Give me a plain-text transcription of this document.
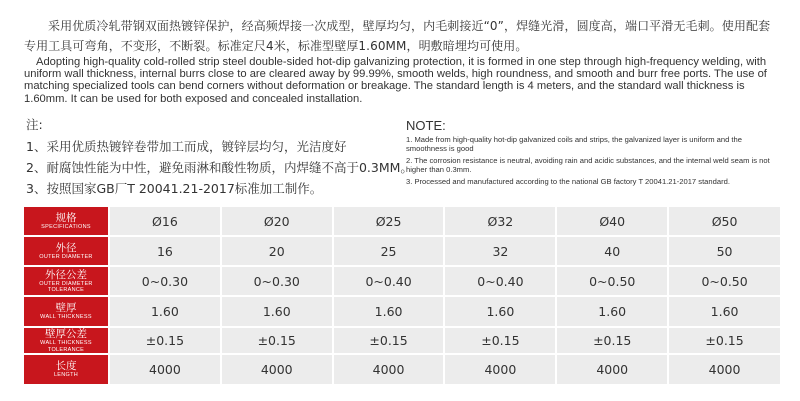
采用优质冷轧带钢双面热镀锌保护，经高频焊接一次成型，壁厚均匀，内毛刺接近“0”，焊缝光滑，圆度高，端口平滑无毛刺。使用配套专用工具可弯角，不变形，不断裂。标准定尺4米，标准型壁厚1.60MM，明敷暗埋均可使用。

Adopting high-quality cold-rolled strip steel double-sided hot-dip galvanizing protection, it is formed in one step through high-frequency welding, with uniform wall thickness, internal burrs close to are cleared away by 99.99%, smooth welds, high roundness, and smooth and burr free ports. The use of matching specialized tools can bend corners without deformation or breakage. The standard length is 4 meters, and the standard wall thickness is 1.60mm. It can be used for both exposed and concealed installation.

注:
1、采用优质热镀锌卷带加工而成，镀锌层均匀，光洁度好
2、耐腐蚀性能为中性，避免雨淋和酸性物质，内焊缝不高于0.3MM。
3、按照国家GB厂T 20041.21-2017标准加工制作。
NOTE:
1. Made from high-quality hot-dip galvanized coils and strips, the galvanized layer is uniform and the smoothness is good
2. The corrosion resistance is neutral, avoiding rain and acidic substances, and the internal weld seam is not higher than 0.3mm.
3. Processed and manufactured according to the national GB factory T 20041.21-2017 standard.
规格
SPECIFICATIONS	Ø16	Ø20	Ø25	Ø32	Ø40	Ø50

外径
OUTER DIAMETER	16	20	25	32	40	50

外径公差
OUTER DIAMETER TOLERANCE	0~0.30	0~0.30	0~0.40	0~0.40	0~0.50	0~0.50

壁厚
WALL THICKNESS	1.60	1.60	1.60	1.60	1.60	1.60

壁厚公差
WALL THICKNESS TOLERANCE	±0.15	±0.15	±0.15	±0.15	±0.15	±0.15

长度
LENGTH	4000	4000	4000	4000	4000	4000
